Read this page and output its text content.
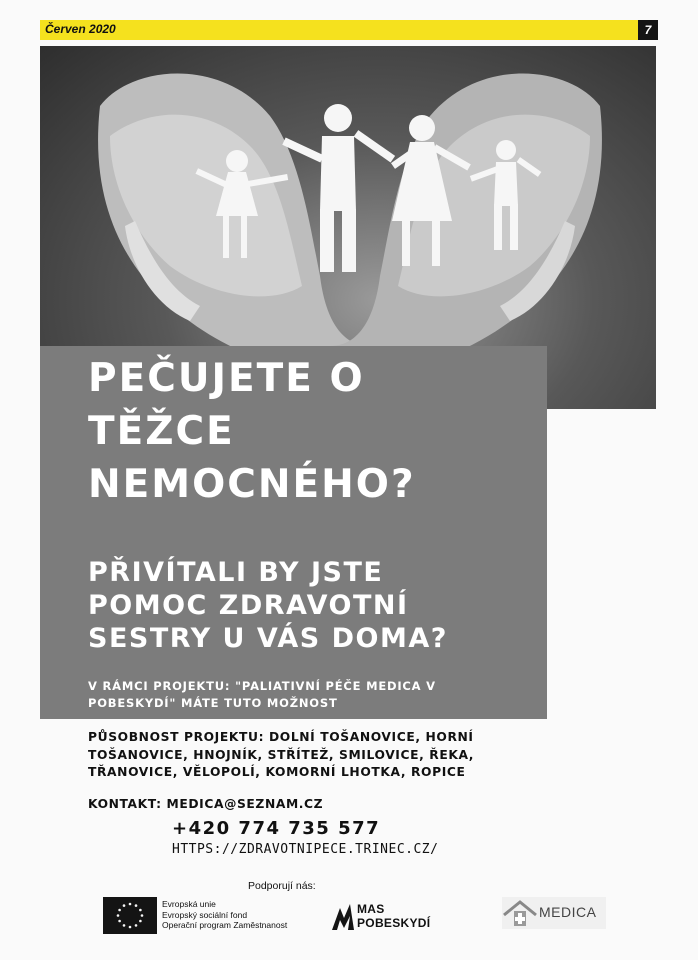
Červen 2020	7
PEČUJETE O
TĚŽCE
NEMOCNÉHO?
PŘIVÍTALI BY JSTE
POMOC ZDRAVOTNÍ
SESTRY U VÁS DOMA?
V RÁMCI PROJEKTU: "PALIATIVNÍ PÉČE MEDICA V
POBESKYDÍ" MÁTE TUTO MOŽNOST
PŮSOBNOST PROJEKTU: DOLNÍ TOŠANOVICE, HORNÍ
TOŠANOVICE, HNOJNÍK, STŘÍTEŽ, SMILOVICE, ŘEKA,
TŘANOVICE, VĚLOPOLÍ, KOMORNÍ LHOTKA, ROPICE
KONTAKT: MEDICA@SEZNAM.CZ
+420 774 735 577
HTTPS://ZDRAVOTNIPECE.TRINEC.CZ/
Podporují nás:
Evropská unie
Evropský sociální fond
Operační program Zaměstnanost
MAS
POBESKYDÍ
MEDICA
